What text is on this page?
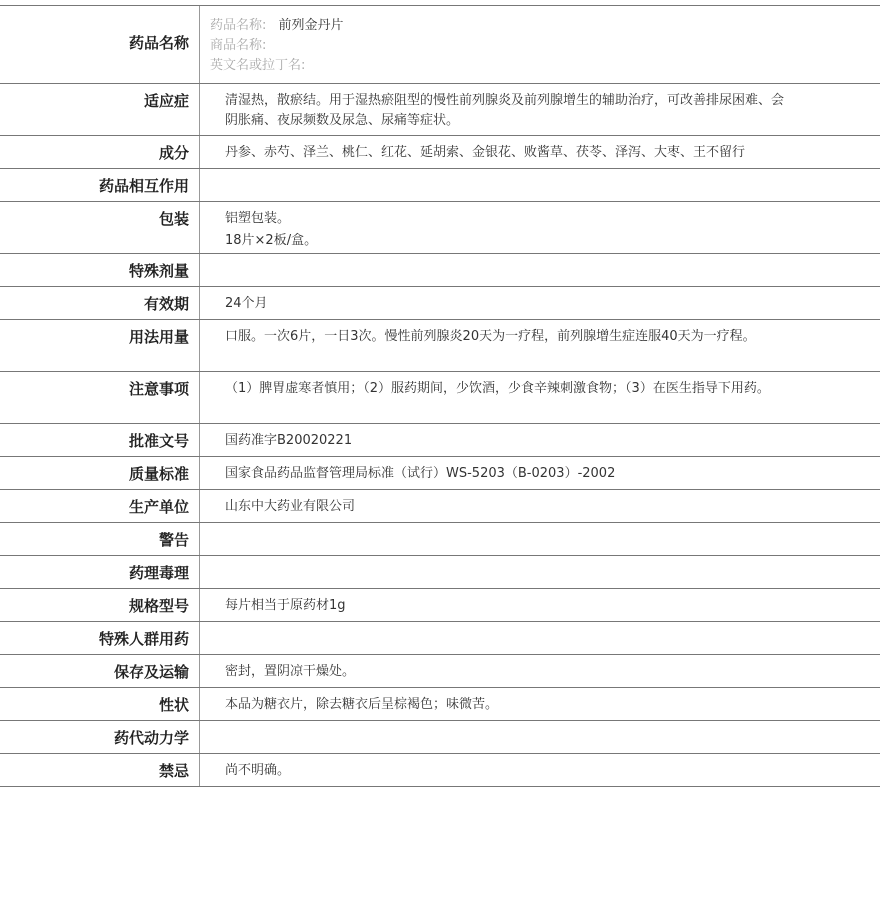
药品名称
药品名称: 前列金丹片
商品名称:
英文名或拉丁名:
适应症	清湿热，散瘀结。用于湿热瘀阻型的慢性前列腺炎及前列腺增生的辅助治疗，可改善排尿困难、会阴胀痛、夜尿频数及尿急、尿痛等症状。
成分	丹参、赤芍、泽兰、桃仁、红花、延胡索、金银花、败酱草、茯苓、泽泻、大枣、王不留行
药品相互作用
包装	铝塑包装。
18片×2板/盒。
特殊剂量
有效期	24个月
用法用量	口服。一次6片，一日3次。慢性前列腺炎20天为一疗程，前列腺增生症连服40天为一疗程。
注意事项	（1）脾胃虚寒者慎用；（2）服药期间，少饮酒，少食辛辣刺激食物；（3）在医生指导下用药。
批准文号	国药准字B20020221
质量标准	国家食品药品监督管理局标准（试行）WS-5203（B-0203）-2002
生产单位	山东中大药业有限公司
警告
药理毒理
规格型号	每片相当于原药材1g
特殊人群用药
保存及运输	密封，置阴凉干燥处。
性状	本品为糖衣片，除去糖衣后呈棕褐色；味微苦。
药代动力学
禁忌	尚不明确。
